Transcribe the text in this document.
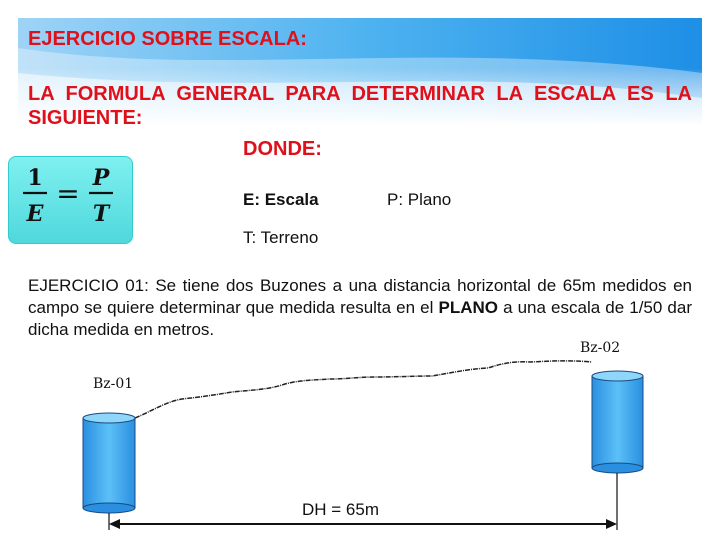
EJERCICIO SOBRE ESCALA:

LA FORMULA GENERAL PARA DETERMINAR LA ESCALA ES LA

SIGUIENTE:

DONDE:
1
E
= P
T
E: Escala	P: Plano
T: Terreno

EJERCICIO 01: Se tiene dos Buzones a una distancia horizontal de 65m medidos en campo se quiere determinar que medida resulta en el PLANO a una escala de 1/50 dar dicha medida en metros.

Bz-01
Bz-02
DH = 65m
